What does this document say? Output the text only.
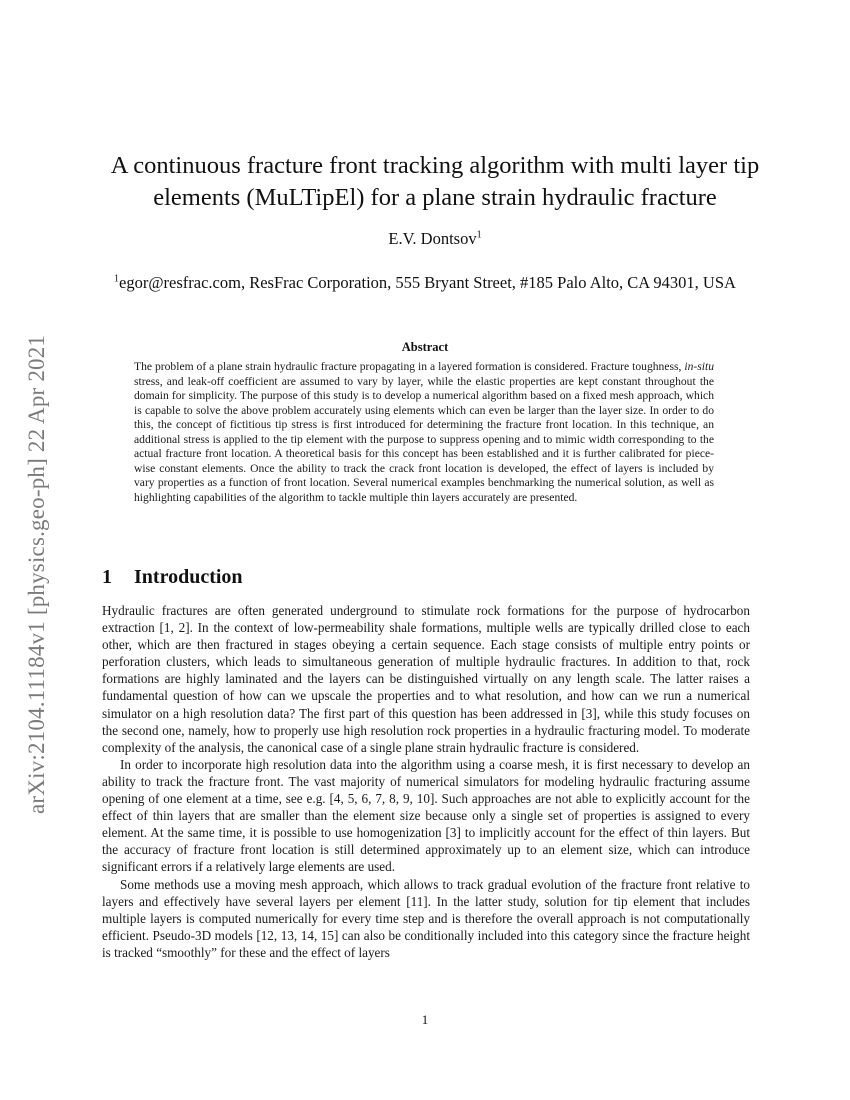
arXiv:2104.11184v1 [physics.geo-ph] 22 Apr 2021
A continuous fracture front tracking algorithm with multi layer tip
elements (MuLTipEl) for a plane strain hydraulic fracture
E.V. Dontsov$^1$
$^1$egor@resfrac.com, ResFrac Corporation, 555 Bryant Street, #185 Palo Alto, CA 94301, USA
Abstract
The problem of a plane strain hydraulic fracture propagating in a layered formation is considered. Fracture toughness, in-situ stress, and leak-off coefficient are assumed to vary by layer, while the elastic properties are kept constant throughout the domain for simplicity. The purpose of this study is to develop a numerical algorithm based on a fixed mesh approach, which is capable to solve the above problem accurately using elements which can even be larger than the layer size. In order to do this, the concept of fictitious tip stress is first introduced for determining the fracture front location. In this technique, an additional stress is applied to the tip element with the purpose to suppress opening and to mimic width corresponding to the actual fracture front location. A theoretical basis for this concept has been established and it is further calibrated for piece-wise constant elements. Once the ability to track the crack front location is developed, the effect of layers is included by vary properties as a function of front location. Several numerical examples benchmarking the numerical solution, as well as highlighting capabilities of the algorithm to tackle multiple thin layers accurately are presented.
1 Introduction

Hydraulic fractures are often generated underground to stimulate rock formations for the purpose of hydrocarbon extraction [1, 2]. In the context of low-permeability shale formations, multiple wells are typically drilled close to each other, which are then fractured in stages obeying a certain sequence. Each stage consists of multiple entry points or perforation clusters, which leads to simultaneous generation of multiple hydraulic fractures. In addition to that, rock formations are highly laminated and the layers can be distinguished virtually on any length scale. The latter raises a fundamental question of how can we upscale the properties and to what resolution, and how can we run a numerical simulator on a high resolution data? The first part of this question has been addressed in [3], while this study focuses on the second one, namely, how to properly use high resolution rock properties in a hydraulic fracturing model. To moderate complexity of the analysis, the canonical case of a single plane strain hydraulic fracture is considered.

In order to incorporate high resolution data into the algorithm using a coarse mesh, it is first necessary to develop an ability to track the fracture front. The vast majority of numerical simulators for modeling hydraulic fracturing assume opening of one element at a time, see e.g. [4, 5, 6, 7, 8, 9, 10]. Such approaches are not able to explicitly account for the effect of thin layers that are smaller than the element size because only a single set of properties is assigned to every element. At the same time, it is possible to use homogenization [3] to implicitly account for the effect of thin layers. But the accuracy of fracture front location is still determined approximately up to an element size, which can introduce significant errors if a relatively large elements are used.

Some methods use a moving mesh approach, which allows to track gradual evolution of the fracture front relative to layers and effectively have several layers per element [11]. In the latter study, solution for tip element that includes multiple layers is computed numerically for every time step and is therefore the overall approach is not computationally efficient. Pseudo-3D models [12, 13, 14, 15] can also be conditionally included into this category since the fracture height is tracked “smoothly” for these and the effect of layers

1
